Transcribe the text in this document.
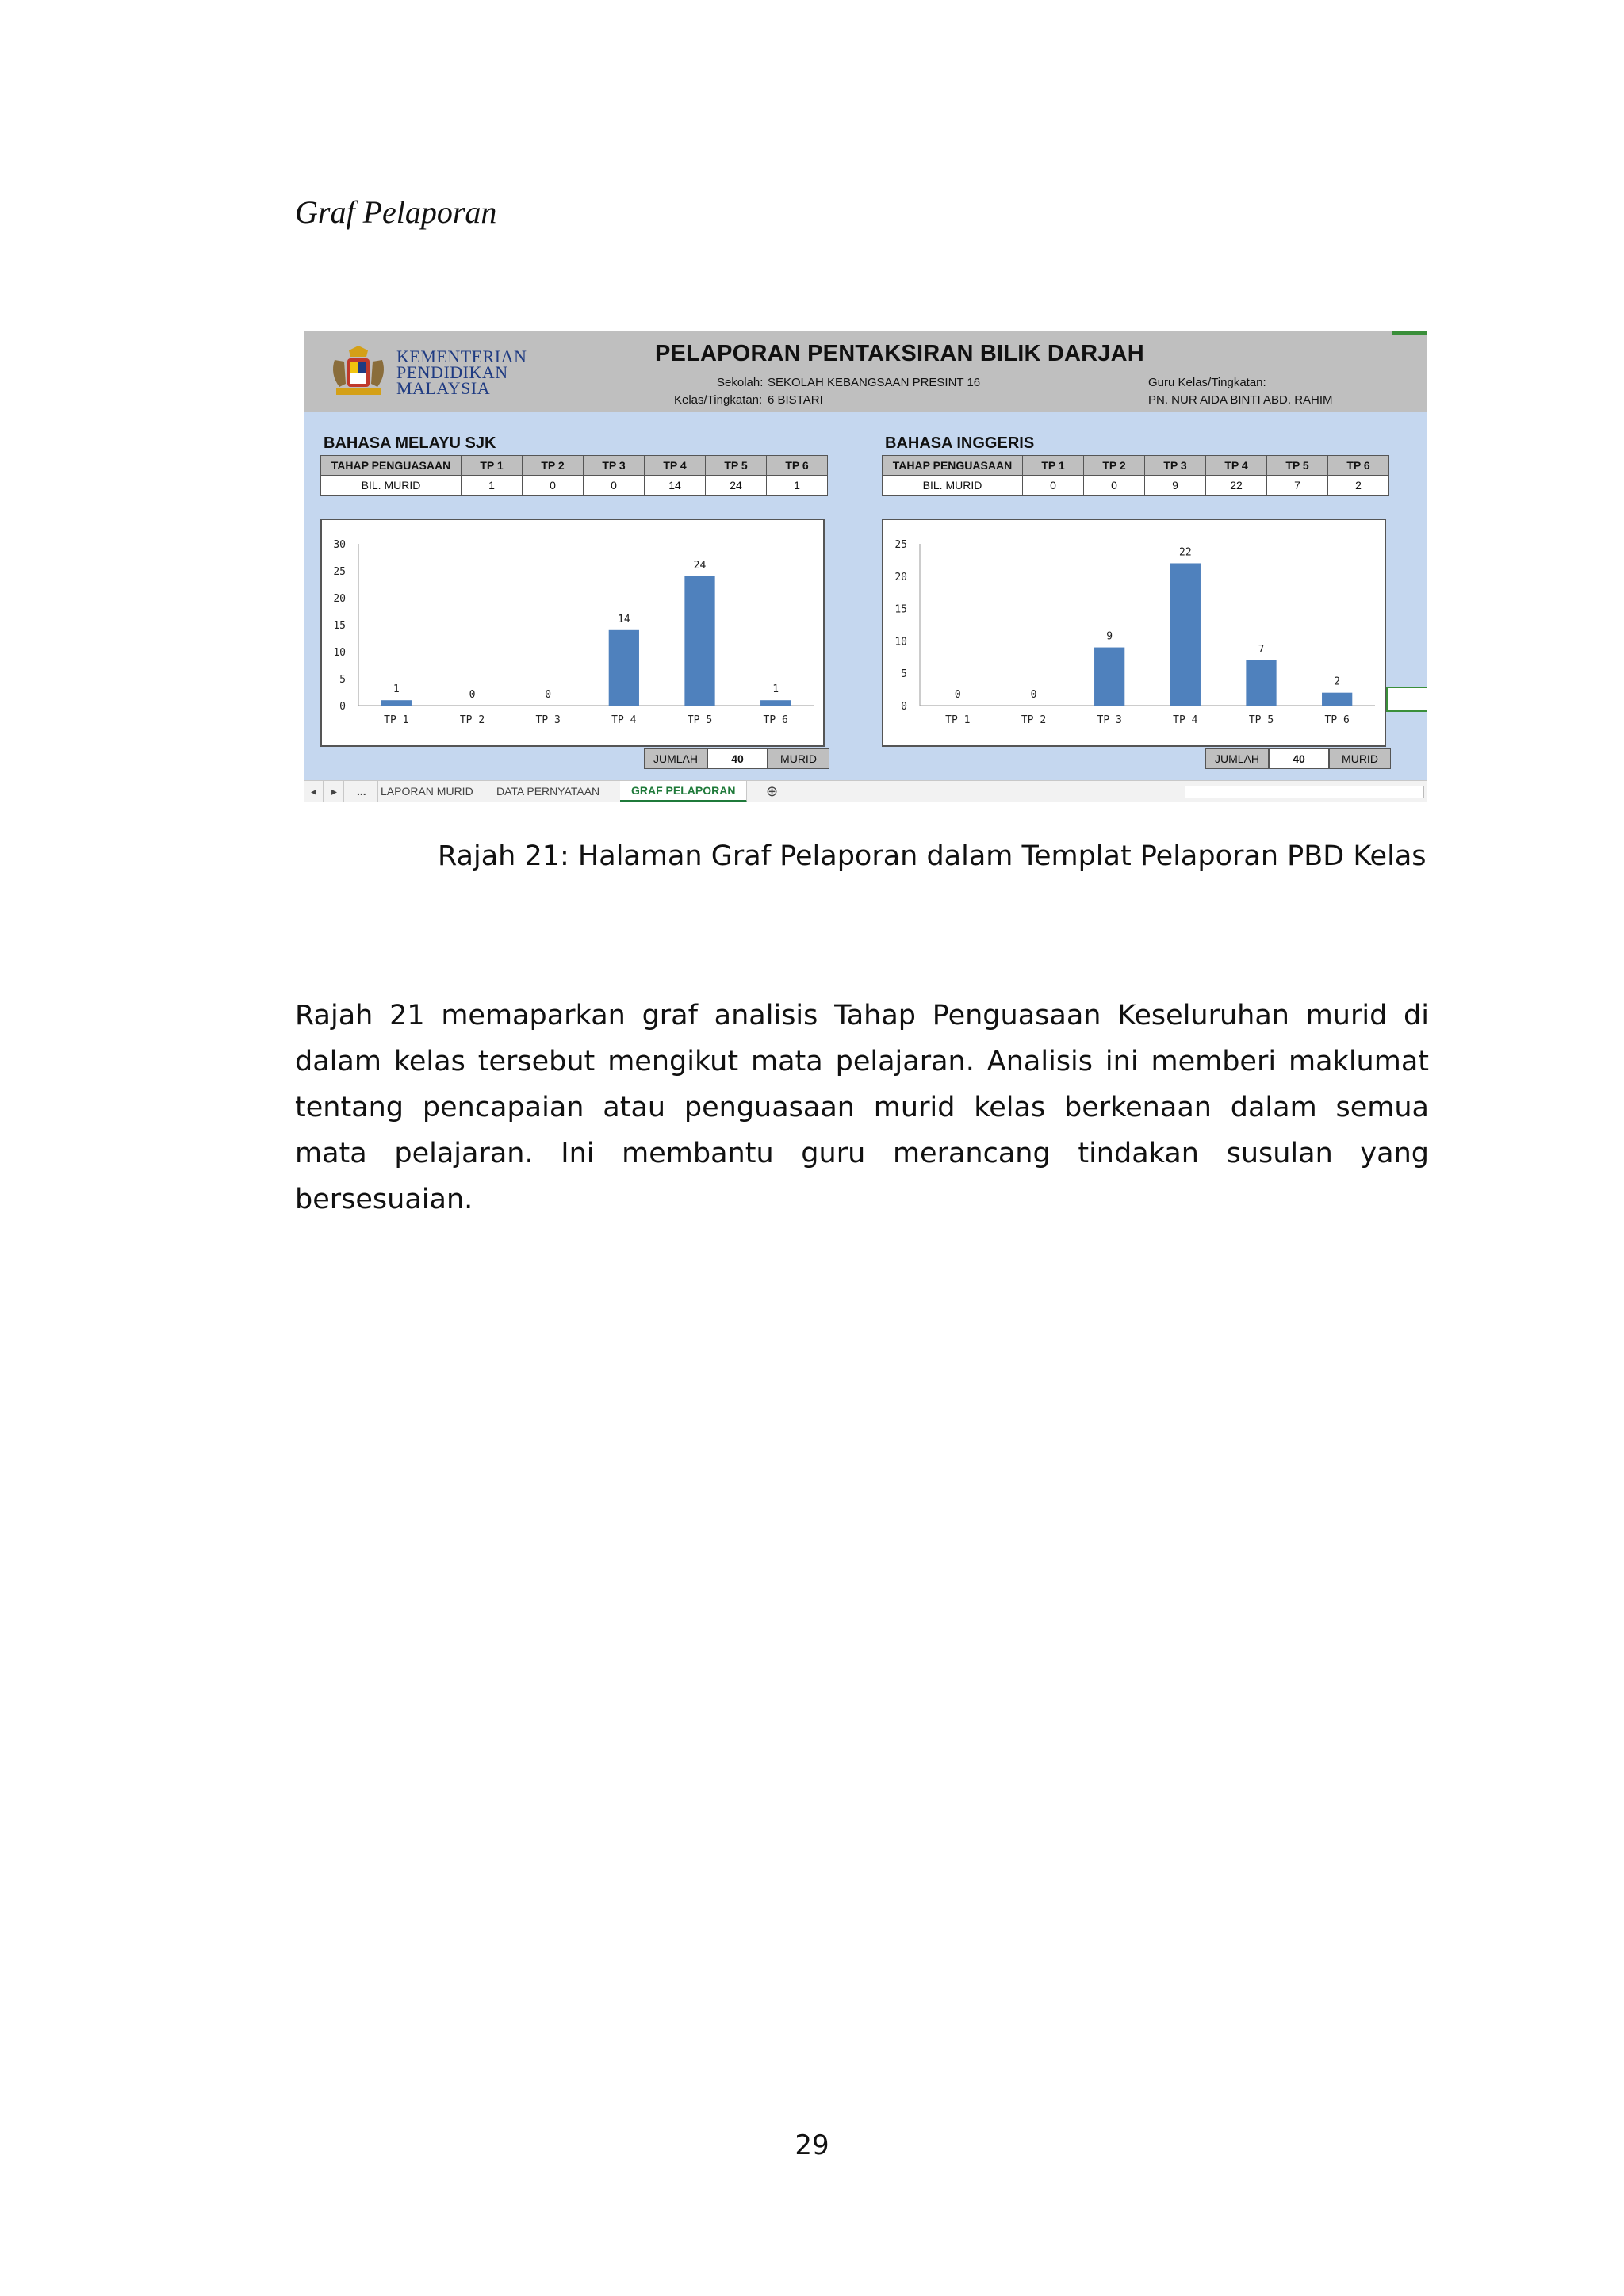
Graf Pelaporan
KEMENTERIAN
PENDIDIKAN
MALAYSIA
PELAPORAN PENTAKSIRAN BILIK DARJAH
Sekolah: SEKOLAH KEBANGSAAN PRESINT 16
Kelas/Tingkatan: 6 BISTARI
Guru Kelas/Tingkatan:
PN. NUR AIDA BINTI ABD. RAHIM
BAHASA MELAYU SJK
TAHAP PENGUASAAN	TP 1	TP 2	TP 3	TP 4	TP 5	TP 6
BIL. MURID	1	0	0	14	24	1
0
5
10
15
20
25
30
1
TP 1
0
TP 2
0
TP 3
14
TP 4
24
TP 5
1
TP 6
JUMLAH	40	MURID
BAHASA INGGERIS
TAHAP PENGUASAAN	TP 1	TP 2	TP 3	TP 4	TP 5	TP 6
BIL. MURID	0	0	9	22	7	2
0
5
10
15
20
25
0
TP 1
0
TP 2
9
TP 3
22
TP 4
7
TP 5
2
TP 6
JUMLAH	40	MURID
◂	▸	...	LAPORAN MURID	DATA PERNYATAAN	GRAF PELAPORAN	⊕
Rajah 21: Halaman Graf Pelaporan dalam Templat Pelaporan PBD Kelas
Rajah 21 memaparkan graf analisis Tahap Penguasaan Keseluruhan murid di dalam kelas tersebut mengikut mata pelajaran. Analisis ini memberi maklumat tentang pencapaian atau penguasaan murid kelas berkenaan dalam semua mata pelajaran. Ini membantu guru merancang tindakan susulan yang bersesuaian.
29
